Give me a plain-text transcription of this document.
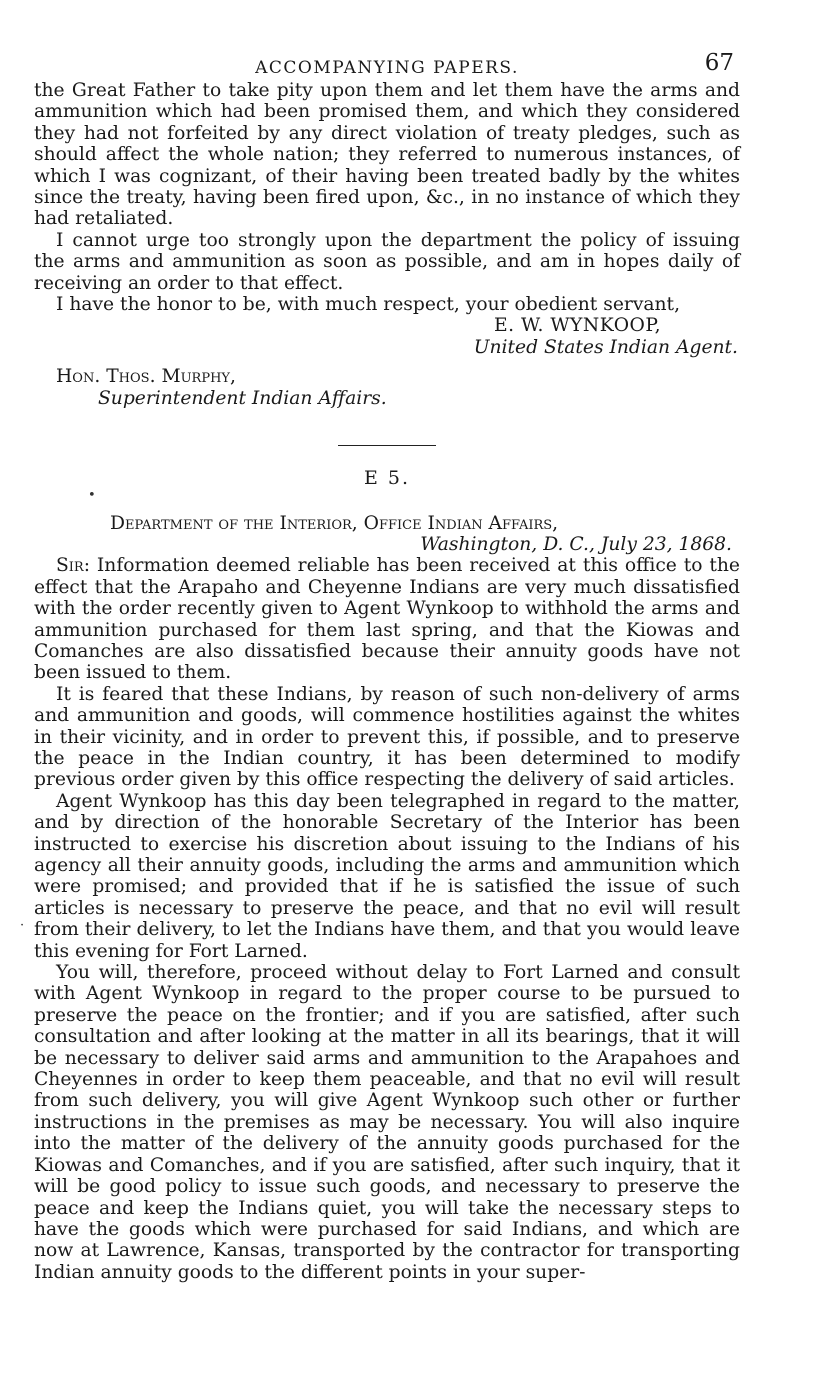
ACCOMPANYING PAPERS.	67

the Great Father to take pity upon them and let them have the arms and ammunition which had been promised them, and which they considered they had not forfeited by any direct violation of treaty pledges, such as should affect the whole nation; they referred to numerous instances, of which I was cognizant, of their having been treated badly by the whites since the treaty, having been fired upon, &c., in no instance of which they had retaliated.

I cannot urge too strongly upon the department the policy of issuing the arms and ammunition as soon as possible, and am in hopes daily of receiving an order to that effect.

I have the honor to be, with much respect, your obedient servant,

E. W. WYNKOOP,

United States Indian Agent.

Hon. Thos. Murphy,

Superintendent Indian Affairs.

E 5.

Department of the Interior, Office Indian Affairs,

Washington, D. C., July 23, 1868.

Sir: Information deemed reliable has been received at this office to the effect that the Arapaho and Cheyenne Indians are very much dissatisfied with the order recently given to Agent Wynkoop to withhold the arms and ammunition purchased for them last spring, and that the Kiowas and Comanches are also dissatisfied because their annuity goods have not been issued to them.

It is feared that these Indians, by reason of such non-delivery of arms and ammunition and goods, will commence hostilities against the whites in their vicinity, and in order to prevent this, if possible, and to preserve the peace in the Indian country, it has been determined to modify previous order given by this office respecting the delivery of said articles.

Agent Wynkoop has this day been telegraphed in regard to the matter, and by direction of the honorable Secretary of the Interior has been instructed to exercise his discretion about issuing to the Indians of his agency all their annuity goods, including the arms and ammunition which were promised; and provided that if he is satisfied the issue of such articles is necessary to preserve the peace, and that no evil will result from their delivery, to let the Indians have them, and that you would leave this evening for Fort Larned.

You will, therefore, proceed without delay to Fort Larned and consult with Agent Wynkoop in regard to the proper course to be pursued to preserve the peace on the frontier; and if you are satisfied, after such consultation and after looking at the matter in all its bearings, that it will be necessary to deliver said arms and ammunition to the Arapahoes and Cheyennes in order to keep them peaceable, and that no evil will result from such delivery, you will give Agent Wynkoop such other or further instructions in the premises as may be necessary. You will also inquire into the matter of the delivery of the annuity goods purchased for the Kiowas and Comanches, and if you are satisfied, after such inquiry, that it will be good policy to issue such goods, and necessary to preserve the peace and keep the Indians quiet, you will take the necessary steps to have the goods which were purchased for said Indians, and which are now at Lawrence, Kansas, transported by the contractor for transporting Indian annuity goods to the different points in your super-

•
·
